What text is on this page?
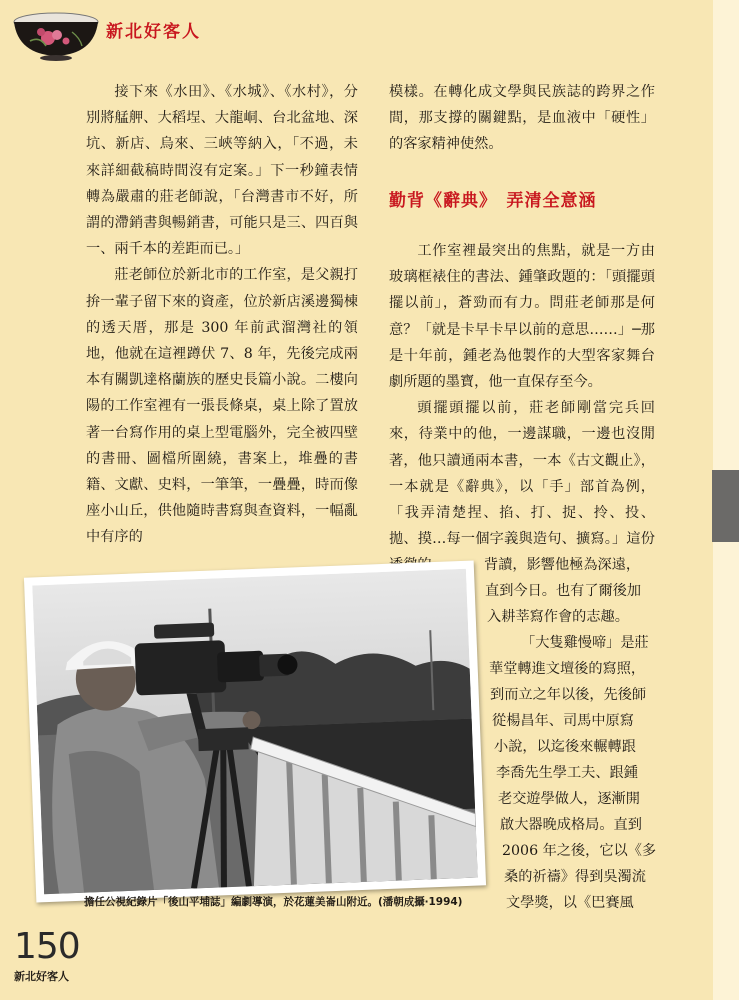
新北好客人

接下來《水田》、《水城》、《水村》，分別將艋舺、大稻埕、大龍峒、台北盆地、深坑、新店、烏來、三峽等納入，「不過，未來詳細截稿時間沒有定案。」下一秒鐘表情轉為嚴肅的莊老師說，「台灣書市不好，所謂的滯銷書與暢銷書，可能只是三、四百與一、兩千本的差距而已。」

莊老師位於新北市的工作室，是父親打拚一輩子留下來的資產，位於新店溪邊獨棟的透天厝，那是 300 年前武溜灣社的領地，他就在這裡蹲伏 7、8 年，先後完成兩本有關凱達格蘭族的歷史長篇小說。二樓向陽的工作室裡有一張長條桌，桌上除了置放著一台寫作用的桌上型電腦外，完全被四壁的書冊、圖檔所圍繞，書案上，堆疊的書籍、文獻、史料，一筆筆，一疊疊，時而像座小山丘，供他隨時書寫與查資料，一幅亂中有序的

模樣。在轉化成文學與民族誌的跨界之作間，那支撐的關鍵點，是血液中「硬性」的客家精神使然。

勤背《辭典》　弄清全意涵

工作室裡最突出的焦點，就是一方由玻璃框裱住的書法、鍾肇政題的：「頭擺頭擺以前」，蒼勁而有力。問莊老師那是何意？「就是卡早卡早以前的意思……」─那是十年前，鍾老為他製作的大型客家舞台劇所題的墨寶，他一直保存至今。

頭擺頭擺以前，莊老師剛當完兵回來，待業中的他，一邊謀職，一邊也沒閒著，他只讀通兩本書，一本《古文觀止》，一本就是《辭典》，以「手」部首為例，「我弄清楚捏、掐、打、捉、拎、投、拋、摸…每一個字義與造句、擴寫。」這份

背讀，影響他極為深遠，
直到今日。也有了爾後加
入耕莘寫作會的志趣。
「大隻雞慢啼」是莊
華堂轉進文壇後的寫照，
到而立之年以後，先後師
從楊昌年、司馬中原寫
小說，以迄後來輾轉跟
李喬先生學工夫、跟鍾
老交遊學做人，逐漸開
啟大器晚成格局。直到
2006 年之後，它以《多
桑的祈禱》得到吳濁流
文學獎，以《巴賽風
擔任公視紀錄片「後山平埔誌」編劇導演，於花蓮美崙山附近。(潘朝成攝‧1994)
150
新北好客人
